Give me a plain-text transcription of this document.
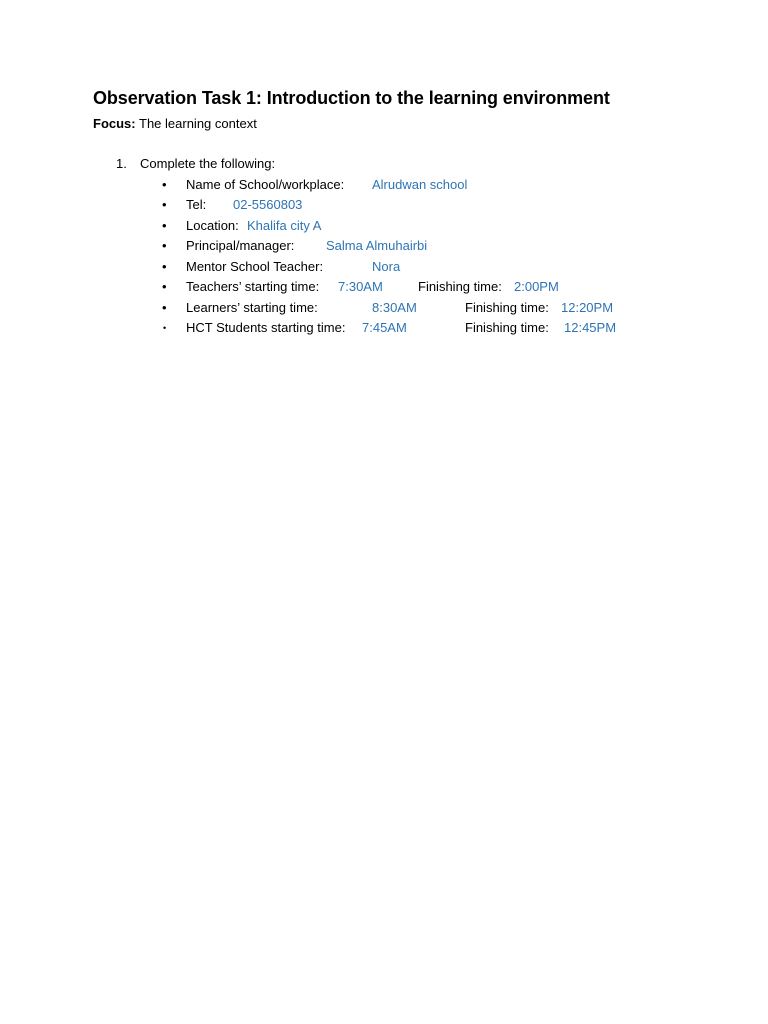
Observation Task 1: Introduction to the learning environment
Focus: The learning context
1. Complete the following:
• Name of School/workplace: Alrudwan school
• Tel: 02-5560803
• Location: Khalifa city A
• Principal/manager: Salma Almuhairbi
• Mentor School Teacher:	Nora
• Teachers’ starting time: 7:30AM	Finishing time: 2:00PM
• Learners’ starting time:	8:30AM	Finishing time: 12:20PM
• HCT Students starting time: 7:45AM	Finishing time: 12:45PM
